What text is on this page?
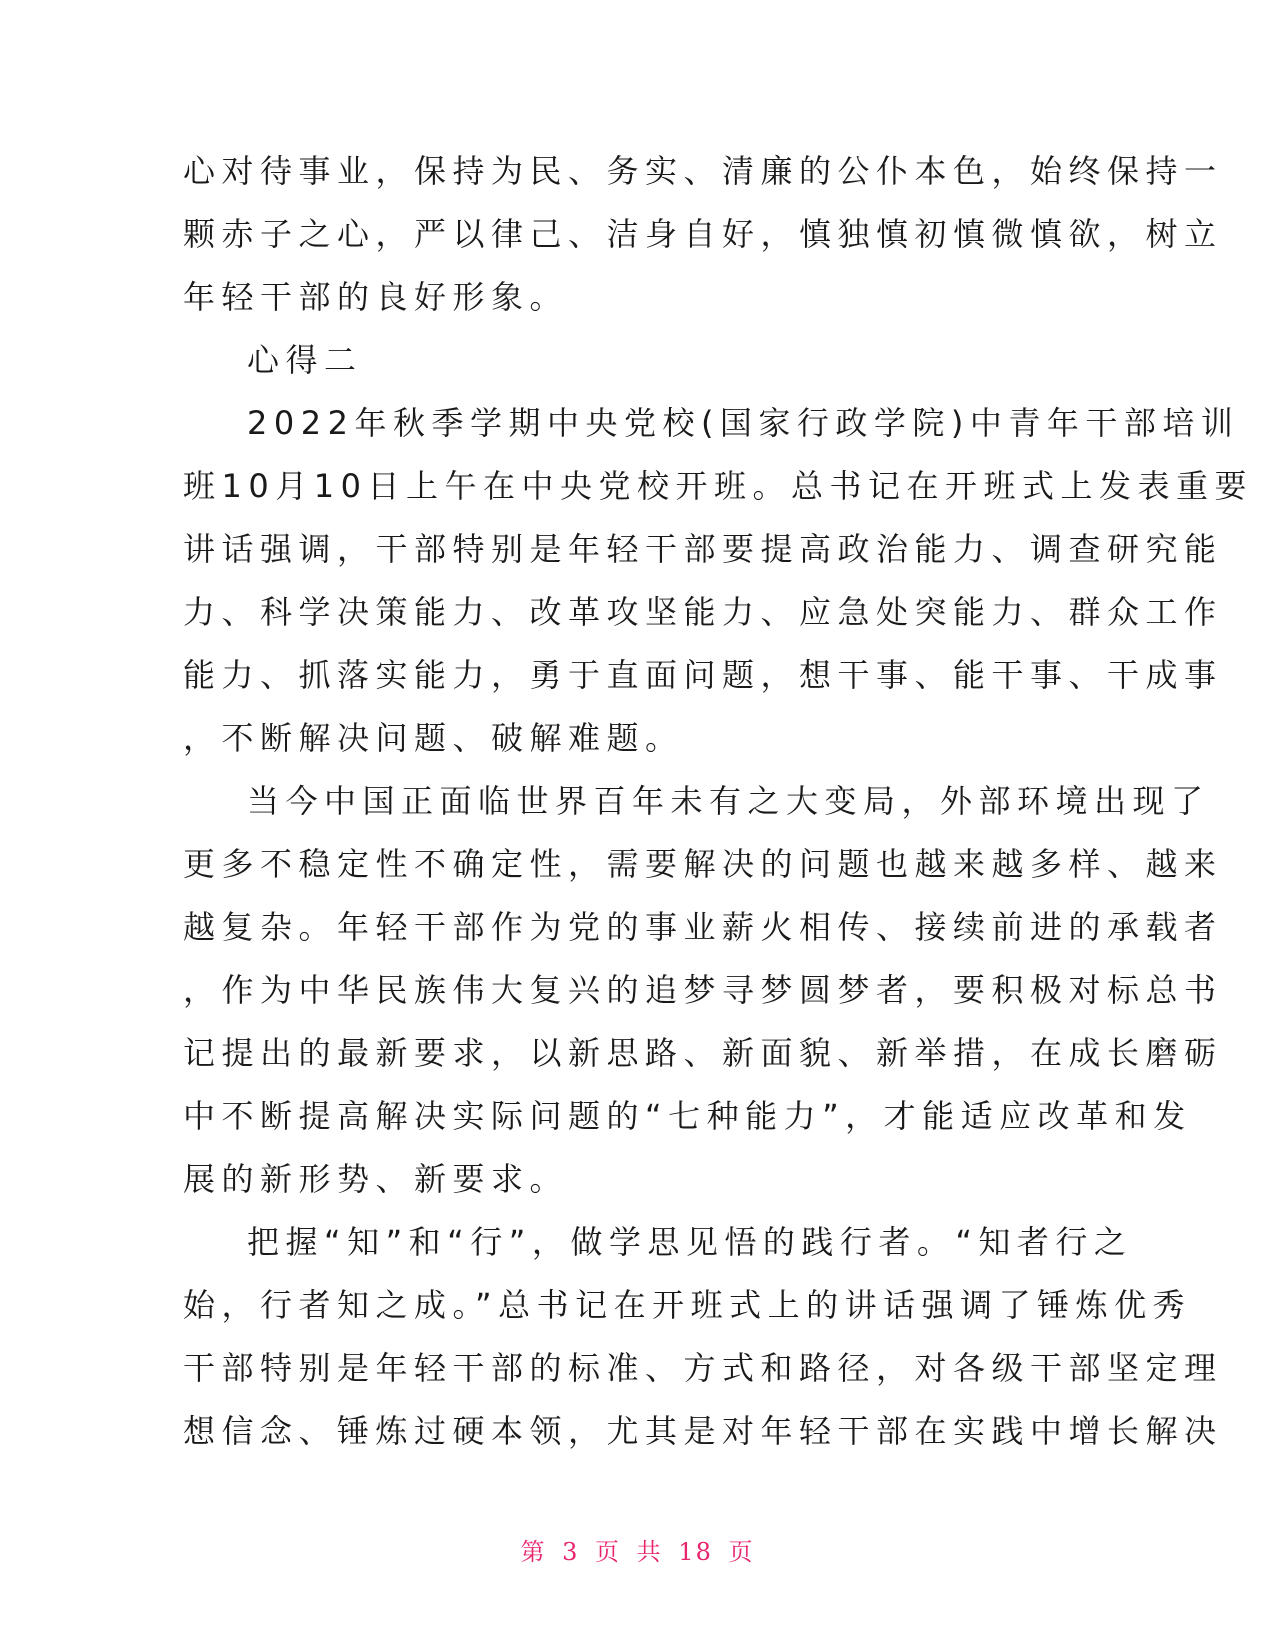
心对待事业，保持为民、务实、清廉的公仆本色，始终保持一
颗赤子之心，严以律己、洁身自好，慎独慎初慎微慎欲，树立
年轻干部的良好形象。
心得二
2022年秋季学期中央党校(国家行政学院)中青年干部培训
班10月10日上午在中央党校开班。总书记在开班式上发表重要
讲话强调，干部特别是年轻干部要提高政治能力、调查研究能
力、科学决策能力、改革攻坚能力、应急处突能力、群众工作
能力、抓落实能力，勇于直面问题，想干事、能干事、干成事
，不断解决问题、破解难题。
当今中国正面临世界百年未有之大变局，外部环境出现了
更多不稳定性不确定性，需要解决的问题也越来越多样、越来
越复杂。年轻干部作为党的事业薪火相传、接续前进的承载者
，作为中华民族伟大复兴的追梦寻梦圆梦者，要积极对标总书
记提出的最新要求，以新思路、新面貌、新举措，在成长磨砺
中不断提高解决实际问题的“七种能力”，才能适应改革和发
展的新形势、新要求。
把握“知”和“行”，做学思见悟的践行者。“知者行之
始，行者知之成。”总书记在开班式上的讲话强调了锤炼优秀
干部特别是年轻干部的标准、方式和路径，对各级干部坚定理
想信念、锤炼过硬本领，尤其是对年轻干部在实践中增长解决
第 3 页 共 18 页
